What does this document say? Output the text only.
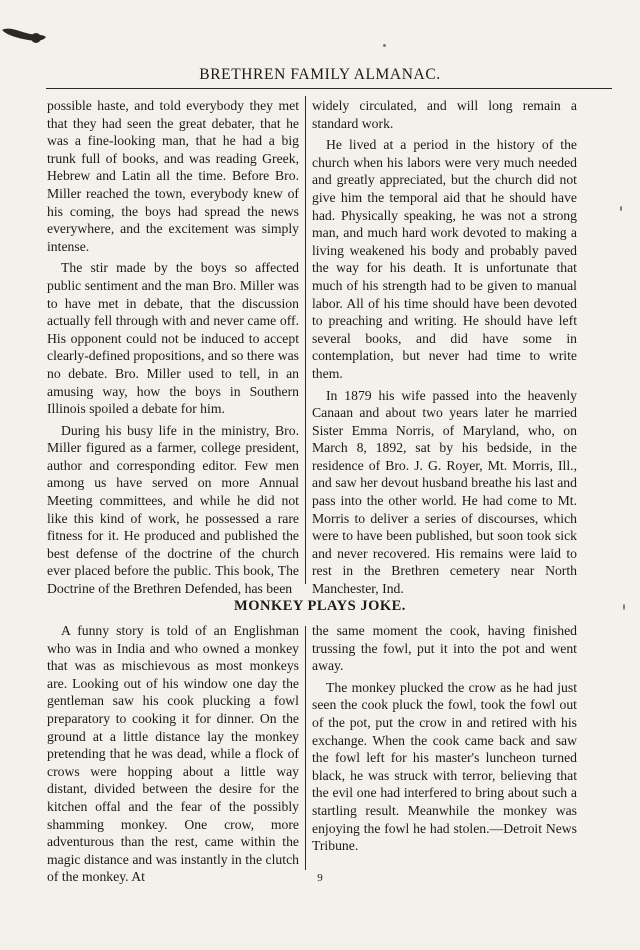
BRETHREN FAMILY ALMANAC.

possible haste, and told everybody they met that they had seen the great debater, that he was a fine-looking man, that he had a big trunk full of books, and was reading Greek, Hebrew and Latin all the time. Before Bro. Miller reached the town, everybody knew of his coming, the boys had spread the news everywhere, and the excitement was simply intense.

The stir made by the boys so affected public sentiment and the man Bro. Miller was to have met in debate, that the discussion actually fell through with and never came off. His opponent could not be induced to accept clearly-defined propositions, and so there was no debate. Bro. Miller used to tell, in an amusing way, how the boys in Southern Illinois spoiled a debate for him.

During his busy life in the ministry, Bro. Miller figured as a farmer, college president, author and corresponding editor. Few men among us have served on more Annual Meeting committees, and while he did not like this kind of work, he possessed a rare fitness for it. He produced and published the best defense of the doctrine of the church ever placed before the public. This book, The Doctrine of the Brethren Defended, has been

widely circulated, and will long remain a standard work.

He lived at a period in the history of the church when his labors were very much needed and greatly appreciated, but the church did not give him the temporal aid that he should have had. Physically speaking, he was not a strong man, and much hard work devoted to making a living weakened his body and probably paved the way for his death. It is unfortunate that much of his strength had to be given to manual labor. All of his time should have been devoted to preaching and writing. He should have left several books, and did have some in contemplation, but never had time to write them.

In 1879 his wife passed into the heavenly Canaan and about two years later he married Sister Emma Norris, of Maryland, who, on March 8, 1892, sat by his bedside, in the residence of Bro. J. G. Royer, Mt. Morris, Ill., and saw her devout husband breathe his last and pass into the other world. He had come to Mt. Morris to deliver a series of discourses, which were to have been published, but soon took sick and never recovered. His remains were laid to rest in the Brethren cemetery near North Manchester, Ind.

MONKEY PLAYS JOKE.

A funny story is told of an Englishman who was in India and who owned a monkey that was as mischievous as most monkeys are. Looking out of his window one day the gentleman saw his cook plucking a fowl preparatory to cooking it for dinner. On the ground at a little distance lay the monkey pretending that he was dead, while a flock of crows were hopping about a little way distant, divided between the desire for the kitchen offal and the fear of the possibly shamming monkey. One crow, more adventurous than the rest, came within the magic distance and was instantly in the clutch of the monkey. At

the same moment the cook, having finished trussing the fowl, put it into the pot and went away.

The monkey plucked the crow as he had just seen the cook pluck the fowl, took the fowl out of the pot, put the crow in and retired with his exchange. When the cook came back and saw the fowl left for his master's luncheon turned black, he was struck with terror, believing that the evil one had interfered to bring about such a startling result. Meanwhile the monkey was enjoying the fowl he had stolen.—Detroit News Tribune.

9
